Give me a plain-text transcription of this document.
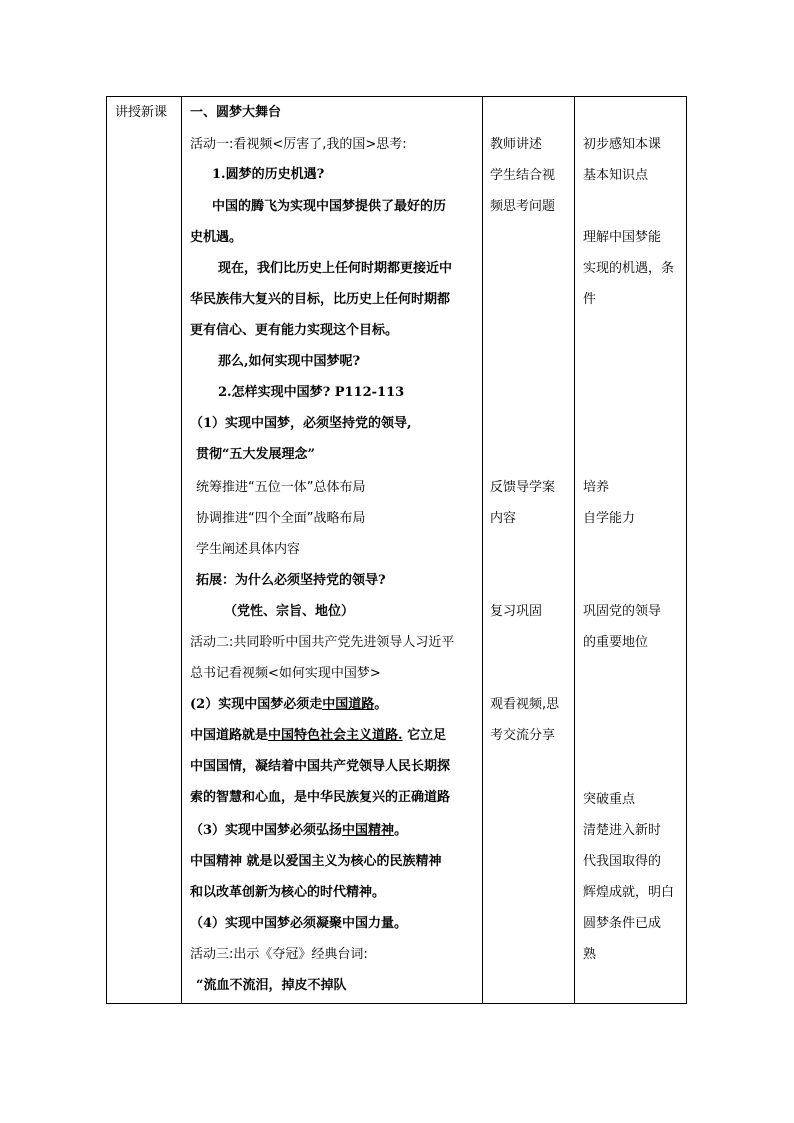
讲授新课 一、圆梦大舞台
活动一:看视频<厉害了,我的国>思考:
1.圆梦的历史机遇?
中国的腾飞为实现中国梦提供了最好的历
史机遇。
现在，我们比历史上任何时期都更接近中
华民族伟大复兴的目标，比历史上任何时期都
更有信心、更有能力实现这个目标。
那么,如何实现中国梦呢?
2.怎样实现中国梦? P112-113
（1）实现中国梦，必须坚持党的领导,
贯彻“五大发展理念”
统筹推进“五位一体”总体布局
协调推进“四个全面”战略布局
学生阐述具体内容
拓展：为什么必须坚持党的领导?
（党性、宗旨、地位）
活动二:共同聆听中国共产党先进领导人习近平
总书记看视频<如何实现中国梦>
(2）实现中国梦必须走中国道路。
中国道路就是中国特色社会主义道路. 它立足
中国国情，凝结着中国共产党领导人民长期探
索的智慧和心血，是中华民族复兴的正确道路
（3）实现中国梦必须弘扬中国精神。
中国精神 就是以爱国主义为核心的民族精神
和以改革创新为核心的时代精神。
（4）实现中国梦必须凝聚中国力量。
活动三:出示《夺冠》经典台词:
“流血不流泪，掉皮不掉队
教师讲述
学生结合视
频思考问题
反馈导学案
内容
复习巩固
观看视频,思
考交流分享
初步感知本课
基本知识点
理解中国梦能
实现的机遇，条
件
培养
自学能力
巩固党的领导
的重要地位
突破重点
清楚进入新时
代我国取得的
辉煌成就，明白
圆梦条件已成
熟
